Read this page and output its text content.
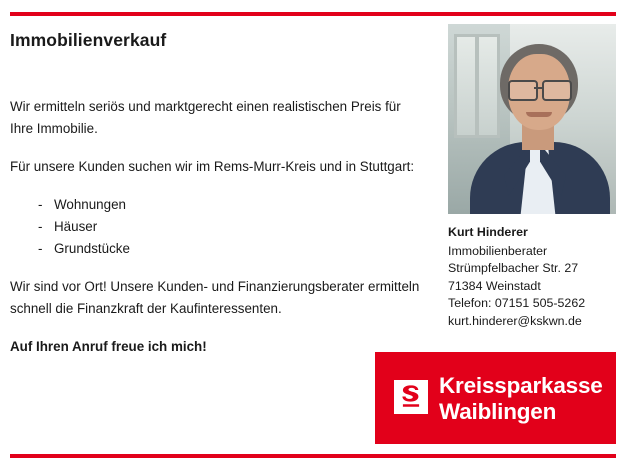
Immobilienverkauf

Wir ermitteln seriös und marktgerecht einen realistischen Preis für Ihre Immobilie.

Für unsere Kunden suchen wir im Rems-Murr-Kreis und in Stuttgart:

- Wohnungen
- Häuser
- Grundstücke

Wir sind vor Ort! Unsere Kunden- und Finanzierungsberater ermitteln schnell die Finanzkraft der Kaufinteressenten.

Auf Ihren Anruf freue ich mich!

Kurt Hinderer
Immobilienberater
Strümpfelbacher Str. 27
71384 Weinstadt
Telefon: 07151 505-5262
kurt.hinderer@kskwn.de
Kreissparkasse
Waiblingen
